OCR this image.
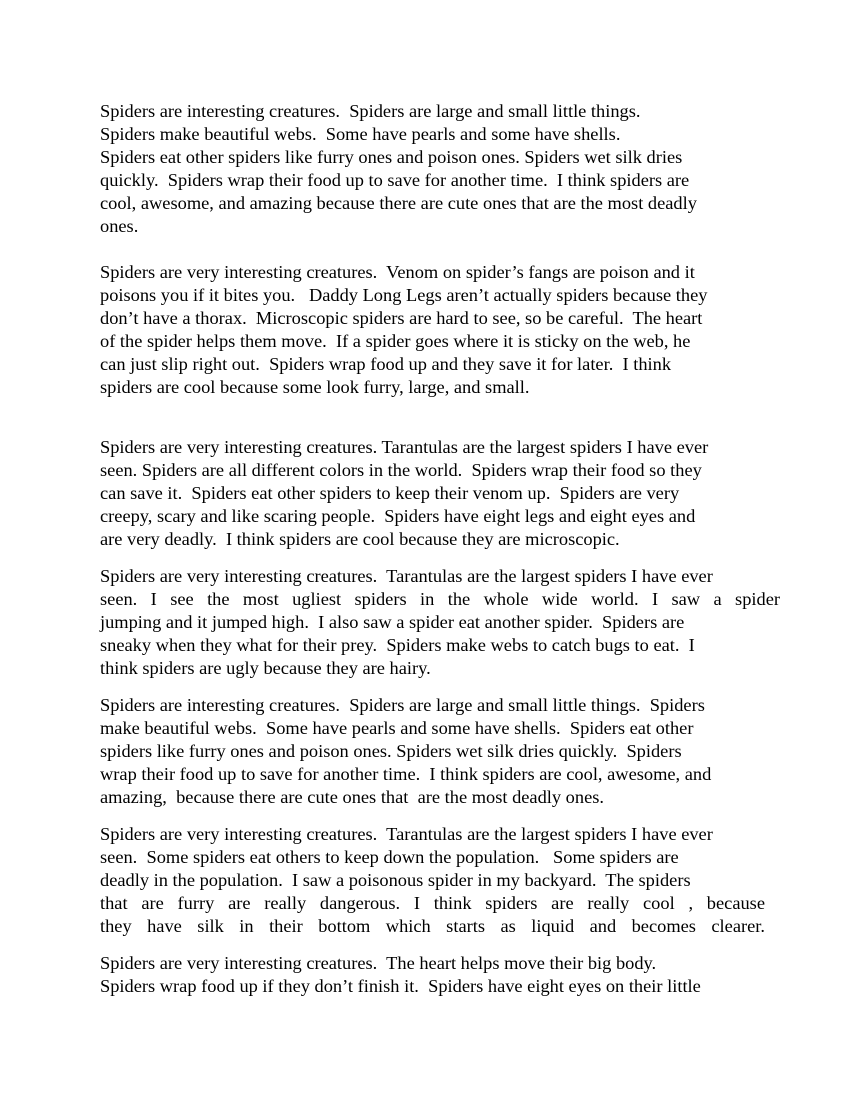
Spiders are interesting creatures.  Spiders are large and small little things.
Spiders make beautiful webs.  Some have pearls and some have shells.
Spiders eat other spiders like furry ones and poison ones. Spiders wet silk dries
quickly.  Spiders wrap their food up to save for another time.  I think spiders are
cool, awesome, and amazing because there are cute ones that are the most deadly
ones.

Spiders are very interesting creatures.  Venom on spider’s fangs are poison and it
poisons you if it bites you.   Daddy Long Legs aren’t actually spiders because they
don’t have a thorax.  Microscopic spiders are hard to see, so be careful.  The heart
of the spider helps them move.  If a spider goes where it is sticky on the web, he
can just slip right out.  Spiders wrap food up and they save it for later.  I think
spiders are cool because some look furry, large, and small.

Spiders are very interesting creatures. Tarantulas are the largest spiders I have ever
seen. Spiders are all different colors in the world.  Spiders wrap their food so they
can save it.  Spiders eat other spiders to keep their venom up.  Spiders are very
creepy, scary and like scaring people.  Spiders have eight legs and eight eyes and
are very deadly.  I think spiders are cool because they are microscopic.

Spiders are very interesting creatures.  Tarantulas are the largest spiders I have ever
seen. I see the most ugliest spiders in the whole wide world. I saw a spider
jumping and it jumped high.  I also saw a spider eat another spider.  Spiders are
sneaky when they what for their prey.  Spiders make webs to catch bugs to eat.  I
think spiders are ugly because they are hairy.

Spiders are interesting creatures.  Spiders are large and small little things.  Spiders
make beautiful webs.  Some have pearls and some have shells.  Spiders eat other
spiders like furry ones and poison ones. Spiders wet silk dries quickly.  Spiders
wrap their food up to save for another time.  I think spiders are cool, awesome, and
amazing,  because there are cute ones that  are the most deadly ones.

Spiders are very interesting creatures.  Tarantulas are the largest spiders I have ever
seen.  Some spiders eat others to keep down the population.   Some spiders are
deadly in the population.  I saw a poisonous spider in my backyard.  The spiders
that are furry are really dangerous. I think spiders are really cool , because
they have silk in their bottom which starts as liquid and becomes clearer.

Spiders are very interesting creatures.  The heart helps move their big body.
Spiders wrap food up if they don’t finish it.  Spiders have eight eyes on their little
